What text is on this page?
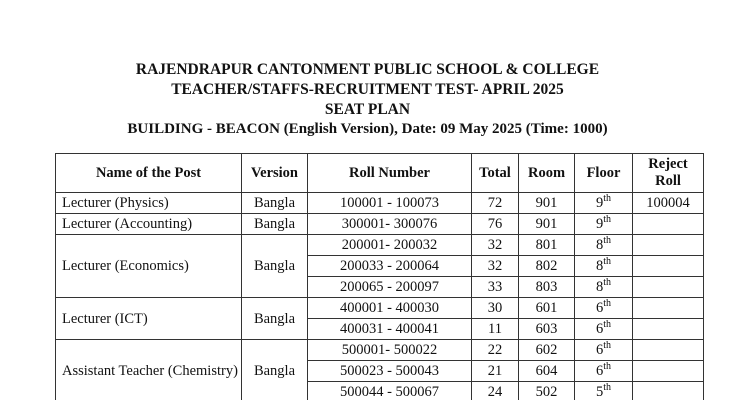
RAJENDRAPUR CANTONMENT PUBLIC SCHOOL & COLLEGE
TEACHER/STAFFS-RECRUITMENT TEST- APRIL 2025
SEAT PLAN
BUILDING - BEACON (English Version), Date: 09 May 2025 (Time: 1000)
Name of the Post	Version	Roll Number	Total	Room	Floor	Reject Roll
Lecturer (Physics)	Bangla	100001 - 100073	72	901	9th	100004
Lecturer (Accounting)	Bangla	300001- 300076	76	901	9th	
Lecturer (Economics)	Bangla	200001- 200032	32	801	8th	
		200033 - 200064	32	802	8th	
		200065 - 200097	33	803	8th	
Lecturer (ICT)	Bangla	400001 - 400030	30	601	6th	
		400031 - 400041	11	603	6th	
Assistant Teacher (Chemistry)	Bangla	500001- 500022	22	602	6th	
		500023 - 500043	21	604	6th	
		500044 - 500067	24	502	5th	
